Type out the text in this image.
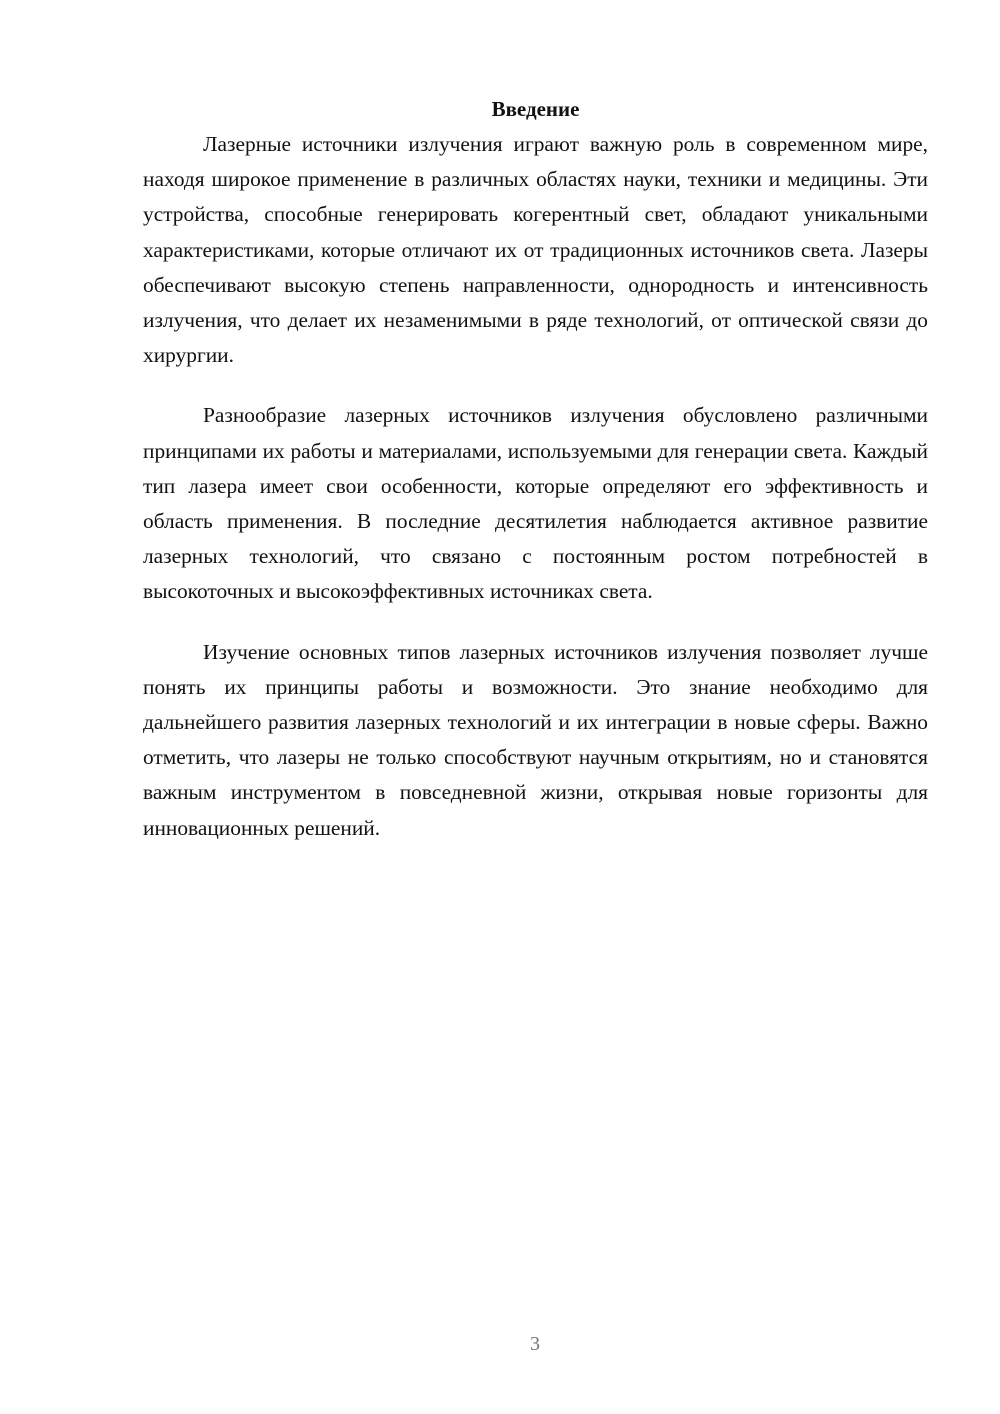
Введение

Лазерные источники излучения играют важную роль в современном мире, находя широкое применение в различных областях науки, техники и медицины. Эти устройства, способные генерировать когерентный свет, обладают уникальными характеристиками, которые отличают их от традиционных источников света. Лазеры обеспечивают высокую степень направленности, однородность и интенсивность излучения, что делает их незаменимыми в ряде технологий, от оптической связи до хирургии.

Разнообразие лазерных источников излучения обусловлено различными принципами их работы и материалами, используемыми для генерации света. Каждый тип лазера имеет свои особенности, которые определяют его эффективность и область применения. В последние десятилетия наблюдается активное развитие лазерных технологий, что связано с постоянным ростом потребностей в высокоточных и высокоэффективных источниках света.

Изучение основных типов лазерных источников излучения позволяет лучше понять их принципы работы и возможности. Это знание необходимо для дальнейшего развития лазерных технологий и их интеграции в новые сферы. Важно отметить, что лазеры не только способствуют научным открытиям, но и становятся важным инструментом в повседневной жизни, открывая новые горизонты для инновационных решений.

3
